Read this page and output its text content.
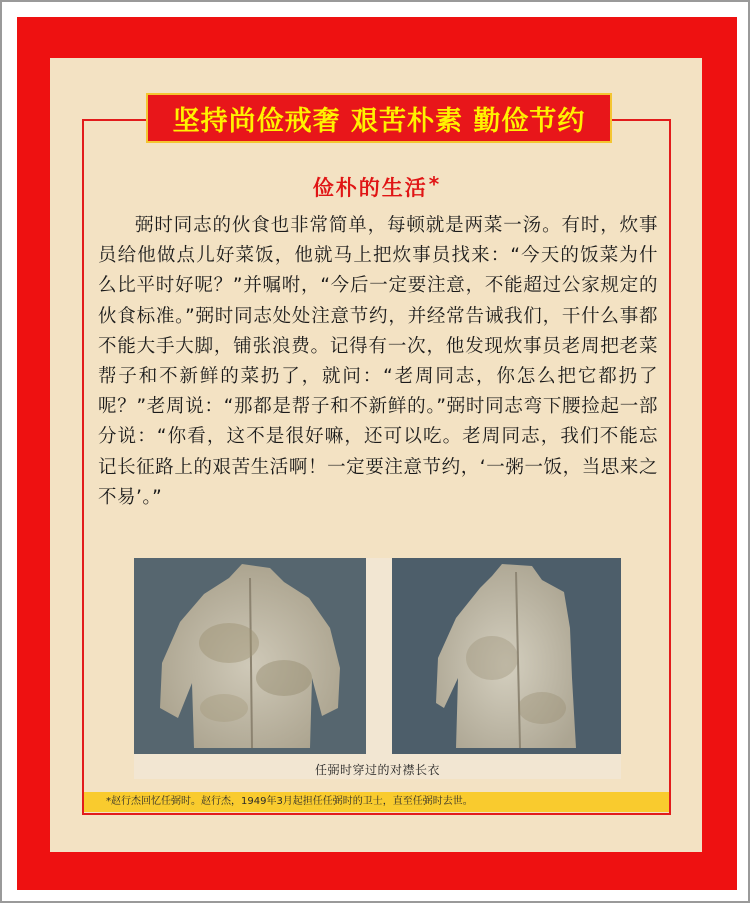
坚持尚俭戒奢 艰苦朴素 勤俭节约
俭朴的生活*
弼时同志的伙食也非常简单，每顿就是两菜一汤。有时，炊事员给他做点儿好菜饭，他就马上把炊事员找来：“今天的饭菜为什么比平时好呢？”并嘱咐，“今后一定要注意，不能超过公家规定的伙食标准。”弼时同志处处注意节约，并经常告诫我们，干什么事都不能大手大脚，铺张浪费。记得有一次，他发现炊事员老周把老菜帮子和不新鲜的菜扔了，就问：“老周同志，你怎么把它都扔了呢？”老周说：“那都是帮子和不新鲜的。”弼时同志弯下腰捡起一部分说：“你看，这不是很好嘛，还可以吃。老周同志，我们不能忘记长征路上的艰苦生活啊！一定要注意节约，‘一粥一饭，当思来之不易’。”
任弼时穿过的对襟长衣
*赵行杰回忆任弼时。赵行杰，1949年3月起担任任弼时的卫士，直至任弼时去世。
